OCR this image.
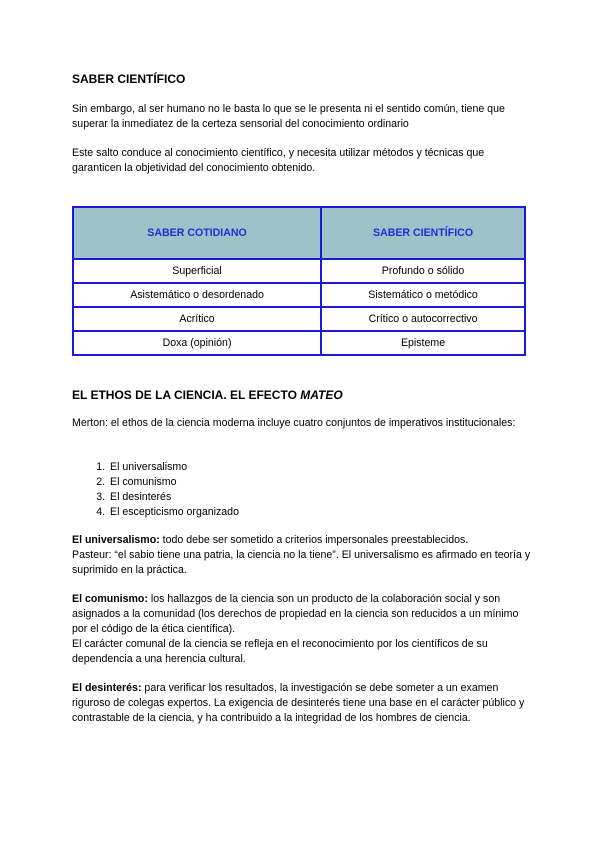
SABER CIENTÍFICO
Sin embargo, al ser humano no le basta lo que se le presenta ni el sentido común, tiene que superar la inmediatez de la certeza sensorial del conocimiento ordinario
Este salto conduce al conocimiento científico, y necesita utilizar métodos y técnicas que garanticen la objetividad del conocimiento obtenido.
SABER COTIDIANO	SABER CIENTÍFICO
Superficial	Profundo o sólido
Asistemático o desordenado	Sistemático o metódico
Acrítico	Crítico o autocorrectivo
Doxa (opinión)	Episteme
EL ETHOS DE LA CIENCIA. EL EFECTO MATEO
Merton: el ethos de la ciencia moderna incluye cuatro conjuntos de imperativos institucionales:
1. El universalismo
2. El comunismo
3. El desinterés
4. El escepticismo organizado
El universalismo: todo debe ser sometido a criterios impersonales preestablecidos.
Pasteur: “el sabio tiene una patria, la ciencia no la tiene”. El universalismo es afirmado en teoría y suprimido en la práctica.
El comunismo: los hallazgos de la ciencia son un producto de la colaboración social y son asignados a la comunidad (los derechos de propiedad en la ciencia son reducidos a un mínimo por el código de la ética científica).
El carácter comunal de la ciencia se refleja en el reconocimiento por los científicos de su dependencia a una herencia cultural.
El desinterés: para verificar los resultados, la investigación se debe someter a un examen riguroso de colegas expertos. La exigencia de desinterés tiene una base en el carácter público y contrastable de la ciencia, y ha contribuido a la integridad de los hombres de ciencia.
